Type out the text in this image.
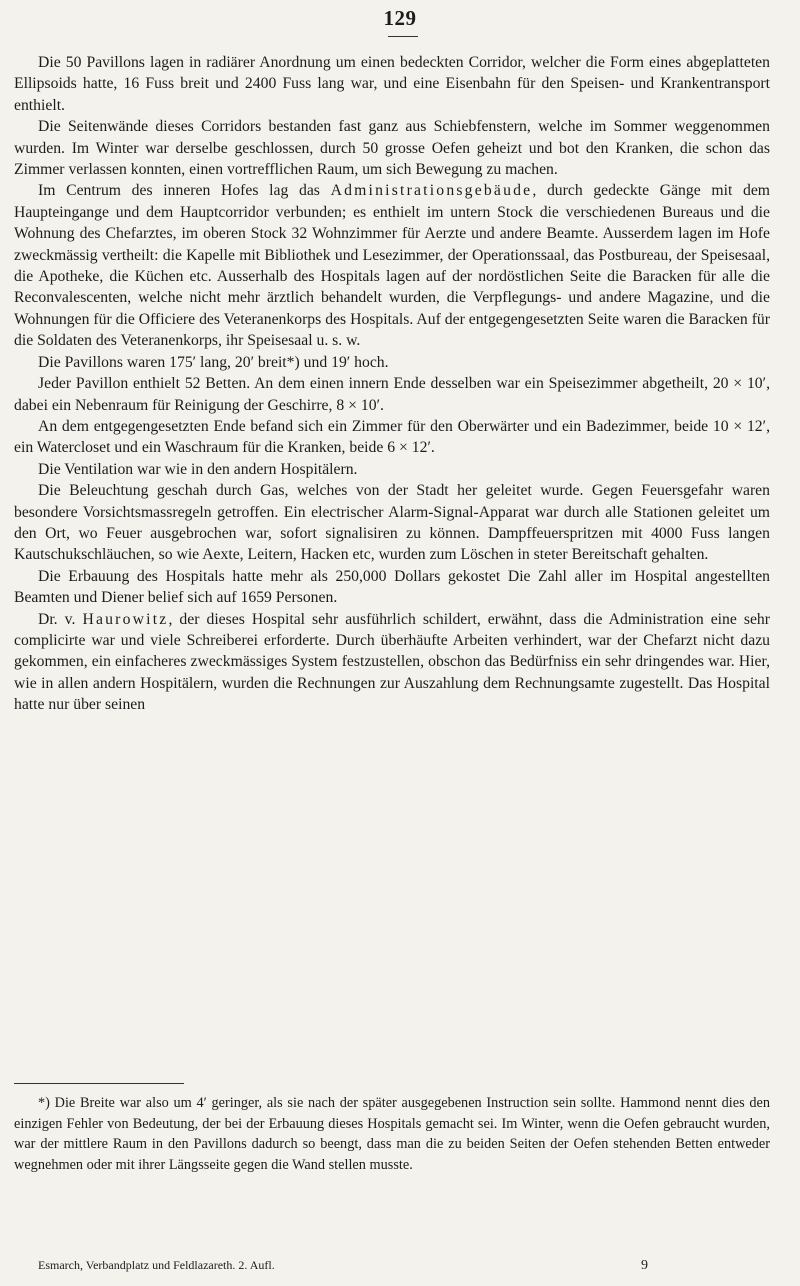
129

Die 50 Pavillons lagen in radiärer Anordnung um einen bedeckten Corridor, welcher die Form eines abgeplatteten Ellipsoids hatte, 16 Fuss breit und 2400 Fuss lang war, und eine Eisenbahn für den Speisen- und Krankentransport enthielt.

Die Seitenwände dieses Corridors bestanden fast ganz aus Schiebfenstern, welche im Sommer weggenommen wurden. Im Winter war derselbe geschlossen, durch 50 grosse Oefen geheizt und bot den Kranken, die schon das Zimmer verlassen konnten, einen vortrefflichen Raum, um sich Bewegung zu machen.

Im Centrum des inneren Hofes lag das Administrationsgebäude, durch gedeckte Gänge mit dem Haupteingange und dem Hauptcorridor verbunden; es enthielt im untern Stock die verschiedenen Bureaus und die Wohnung des Chefarztes, im oberen Stock 32 Wohnzimmer für Aerzte und andere Beamte. Ausserdem lagen im Hofe zweckmässig vertheilt: die Kapelle mit Bibliothek und Lesezimmer, der Operationssaal, das Postbureau, der Speisesaal, die Apotheke, die Küchen etc. Ausserhalb des Hospitals lagen auf der nordöstlichen Seite die Baracken für alle die Reconvalescenten, welche nicht mehr ärztlich behandelt wurden, die Verpflegungs- und andere Magazine, und die Wohnungen für die Officiere des Veteranenkorps des Hospitals. Auf der entgegengesetzten Seite waren die Baracken für die Soldaten des Veteranenkorps, ihr Speisesaal u. s. w.

Die Pavillons waren 175′ lang, 20′ breit*) und 19′ hoch.

Jeder Pavillon enthielt 52 Betten. An dem einen innern Ende desselben war ein Speisezimmer abgetheilt, 20 × 10′, dabei ein Nebenraum für Reinigung der Geschirre, 8 × 10′.

An dem entgegengesetzten Ende befand sich ein Zimmer für den Oberwärter und ein Badezimmer, beide 10 × 12′, ein Watercloset und ein Waschraum für die Kranken, beide 6 × 12′.

Die Ventilation war wie in den andern Hospitälern.

Die Beleuchtung geschah durch Gas, welches von der Stadt her geleitet wurde. Gegen Feuersgefahr waren besondere Vorsichtsmassregeln getroffen. Ein electrischer Alarm-Signal-Apparat war durch alle Stationen geleitet um den Ort, wo Feuer ausgebrochen war, sofort signalisiren zu können. Dampffeuerspritzen mit 4000 Fuss langen Kautschukschläuchen, so wie Aexte, Leitern, Hacken etc, wurden zum Löschen in steter Bereitschaft gehalten.

Die Erbauung des Hospitals hatte mehr als 250,000 Dollars gekostet Die Zahl aller im Hospital angestellten Beamten und Diener belief sich auf 1659 Personen.

Dr. v. Haurowitz, der dieses Hospital sehr ausführlich schildert, erwähnt, dass die Administration eine sehr complicirte war und viele Schreiberei erforderte. Durch überhäufte Arbeiten verhindert, war der Chefarzt nicht dazu gekommen, ein einfacheres zweckmässiges System festzustellen, obschon das Bedürfniss ein sehr dringendes war. Hier, wie in allen andern Hospitälern, wurden die Rechnungen zur Auszahlung dem Rechnungsamte zugestellt. Das Hospital hatte nur über seinen

*) Die Breite war also um 4′ geringer, als sie nach der später ausgegebenen Instruction sein sollte. Hammond nennt dies den einzigen Fehler von Bedeutung, der bei der Erbauung dieses Hospitals gemacht sei. Im Winter, wenn die Oefen gebraucht wurden, war der mittlere Raum in den Pavillons dadurch so beengt, dass man die zu beiden Seiten der Oefen stehenden Betten entweder wegnehmen oder mit ihrer Längsseite gegen die Wand stellen musste.

Esmarch, Verbandplatz und Feldlazareth. 2. Aufl.	9
